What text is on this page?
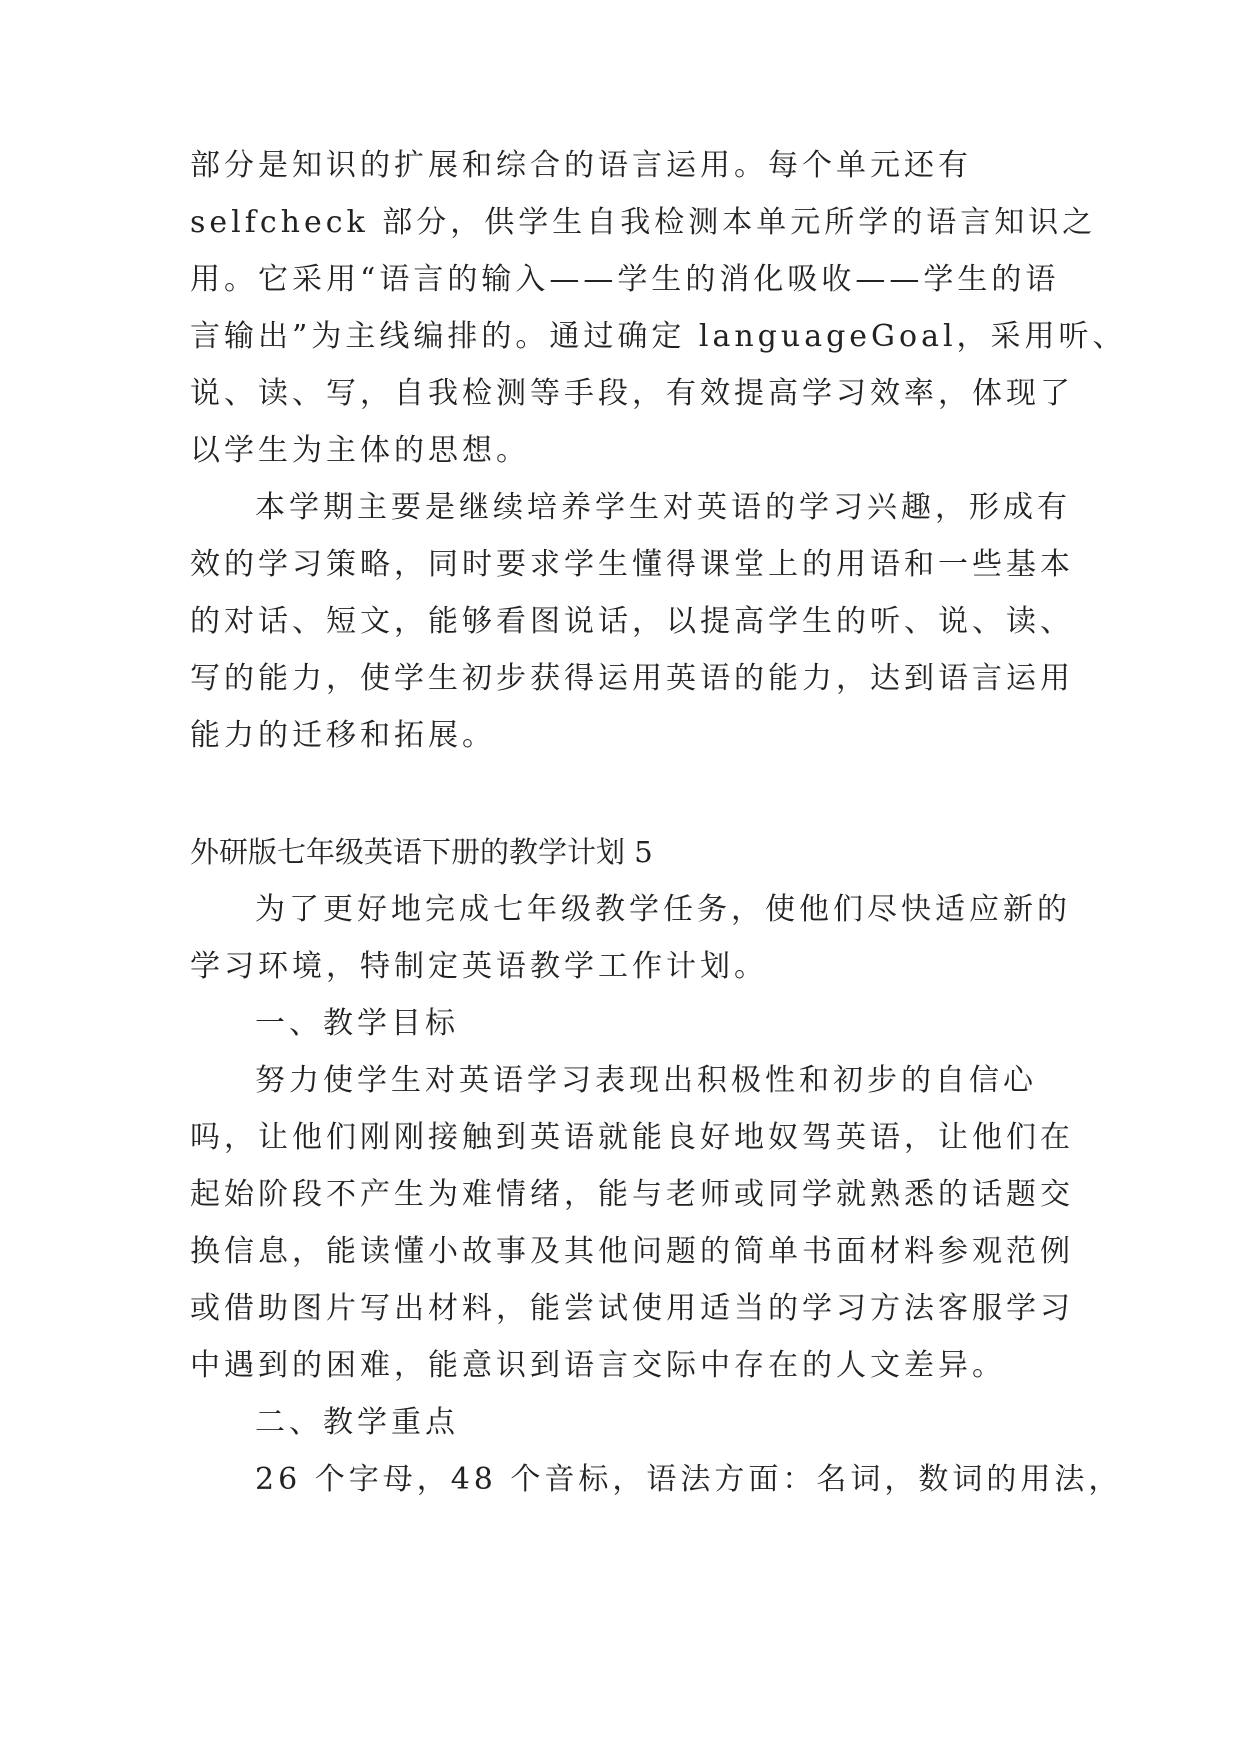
部分是知识的扩展和综合的语言运用。每个单元还有
selfcheck 部分，供学生自我检测本单元所学的语言知识之
用。它采用“语言的输入——学生的消化吸收——学生的语
言输出”为主线编排的。通过确定 languageGoal，采用听、
说、读、写，自我检测等手段，有效提高学习效率，体现了
以学生为主体的思想。
本学期主要是继续培养学生对英语的学习兴趣，形成有
效的学习策略，同时要求学生懂得课堂上的用语和一些基本
的对话、短文，能够看图说话，以提高学生的听、说、读、
写的能力，使学生初步获得运用英语的能力，达到语言运用
能力的迁移和拓展。
外研版七年级英语下册的教学计划 5
为了更好地完成七年级教学任务，使他们尽快适应新的
学习环境，特制定英语教学工作计划。
一、教学目标
努力使学生对英语学习表现出积极性和初步的自信心
吗，让他们刚刚接触到英语就能良好地奴驾英语，让他们在
起始阶段不产生为难情绪，能与老师或同学就熟悉的话题交
换信息，能读懂小故事及其他问题的简单书面材料参观范例
或借助图片写出材料，能尝试使用适当的学习方法客服学习
中遇到的困难，能意识到语言交际中存在的人文差异。
二、教学重点
26 个字母，48 个音标，语法方面：名词，数词的用法，
